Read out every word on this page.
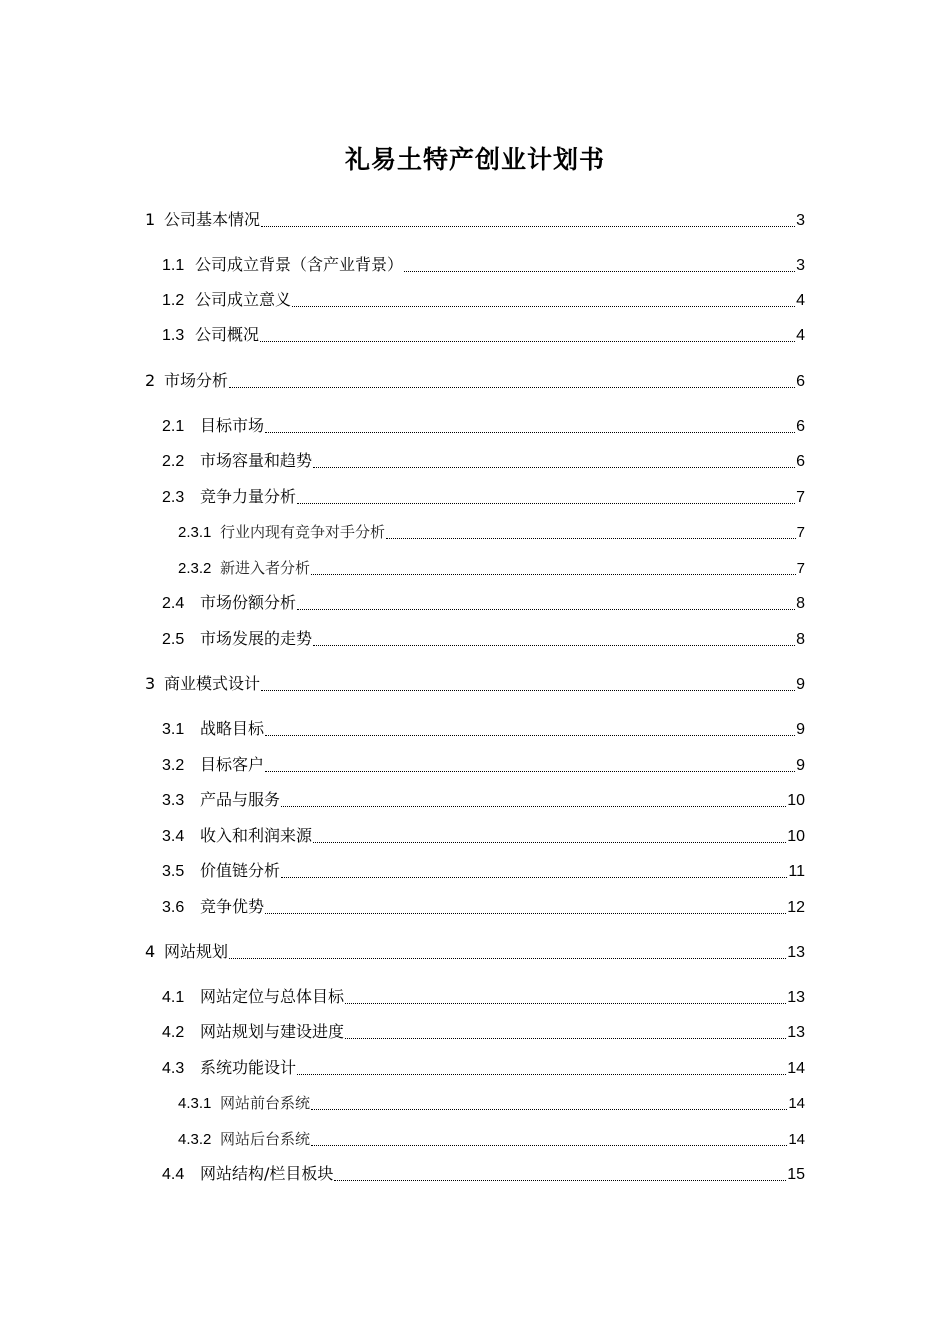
礼易土特产创业计划书
1 公司基本情况	3
1.1 公司成立背景（含产业背景）	3
1.2 公司成立意义	4
1.3 公司概况	4
2 市场分析	6
2.1 目标市场	6
2.2 市场容量和趋势	6
2.3 竞争力量分析	7
2.3.1 行业内现有竞争对手分析	7
2.3.2 新进入者分析	7
2.4 市场份额分析	8
2.5 市场发展的走势	8
3 商业模式设计	9
3.1 战略目标	9
3.2 目标客户	9
3.3 产品与服务	10
3.4 收入和利润来源	10
3.5 价值链分析	11
3.6 竞争优势	12
4 网站规划	13
4.1 网站定位与总体目标	13
4.2 网站规划与建设进度	13
4.3 系统功能设计	14
4.3.1 网站前台系统	14
4.3.2 网站后台系统	14
4.4 网站结构/栏目板块	15
